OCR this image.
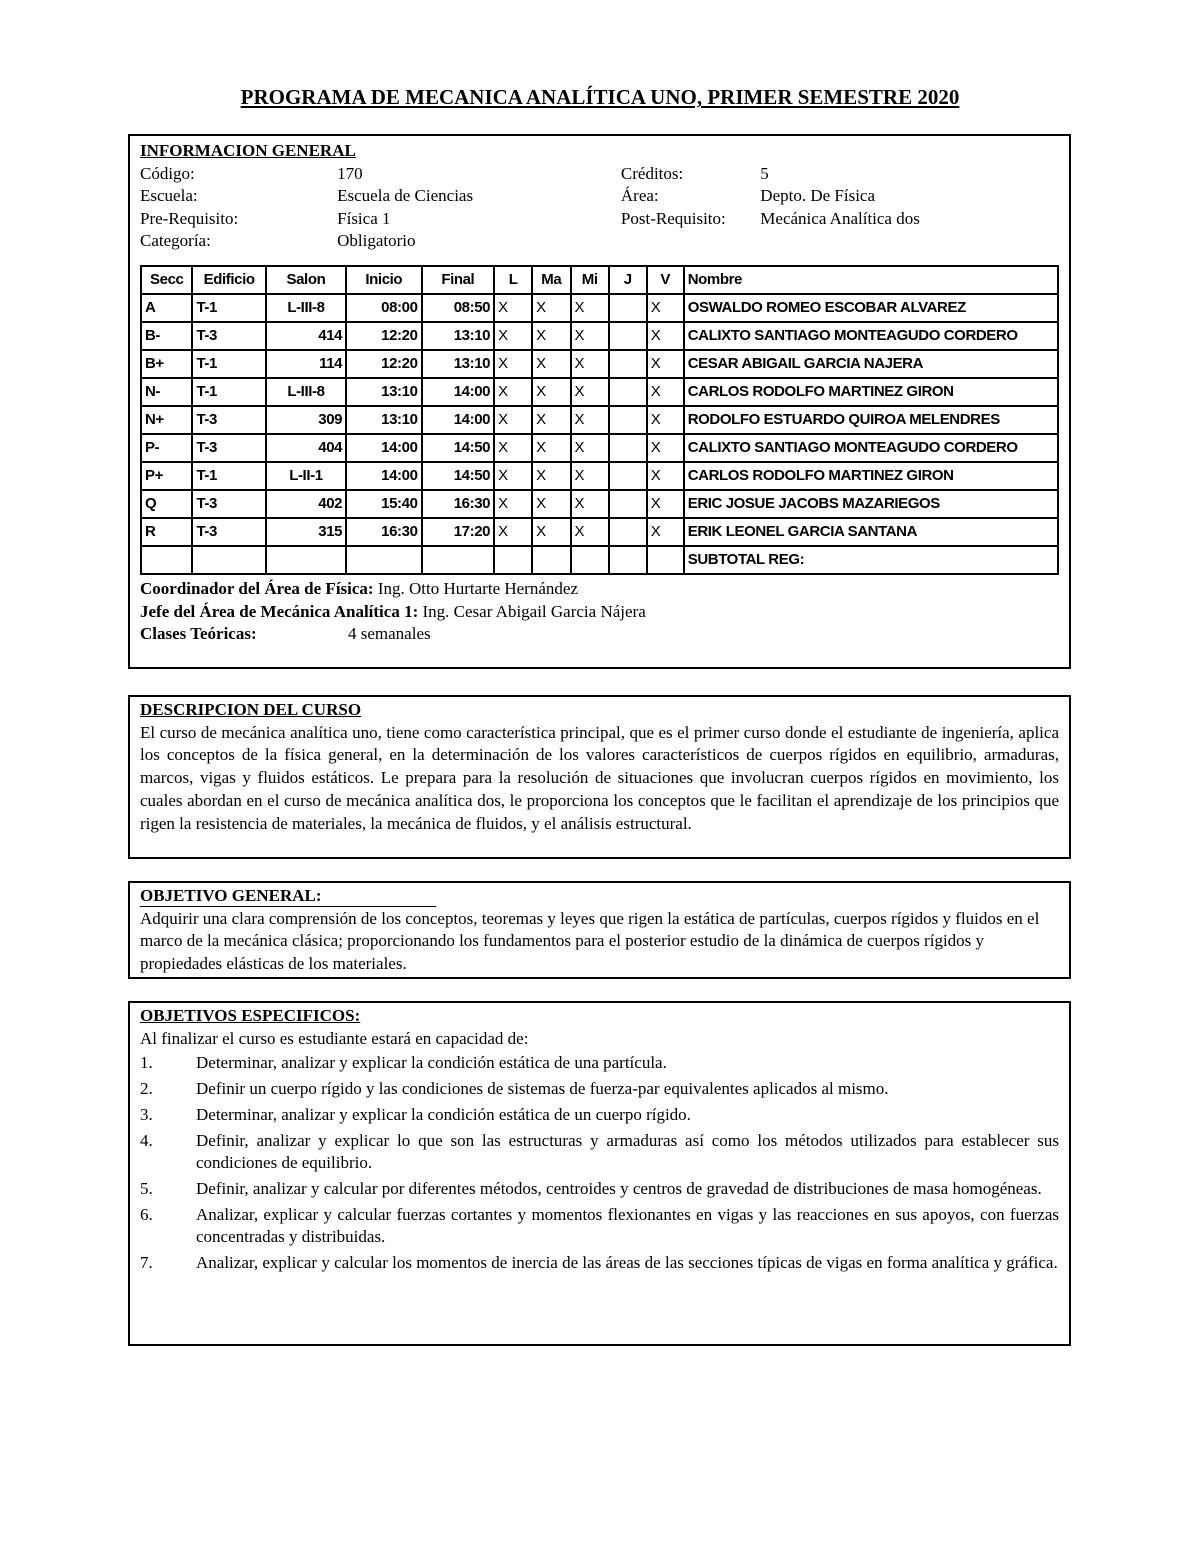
PROGRAMA DE MECANICA ANALÍTICA UNO, PRIMER SEMESTRE 2020
INFORMACION GENERAL
Código:	170	Créditos:	5
Escuela:	Escuela de Ciencias	Área:	Depto. De Física
Pre-Requisito:	Física 1	Post-Requisito:	Mecánica Analítica dos
Categoría:	Obligatorio
Secc	Edificio	Salon	Inicio	Final	L	Ma	Mi	J	V	Nombre
A	T-1	L-III-8	08:00	08:50	X	X	X		X	OSWALDO ROMEO ESCOBAR ALVAREZ
B-	T-3	414	12:20	13:10	X	X	X		X	CALIXTO SANTIAGO MONTEAGUDO CORDERO
B+	T-1	114	12:20	13:10	X	X	X		X	CESAR ABIGAIL GARCIA NAJERA
N-	T-1	L-III-8	13:10	14:00	X	X	X		X	CARLOS RODOLFO MARTINEZ GIRON
N+	T-3	309	13:10	14:00	X	X	X		X	RODOLFO ESTUARDO QUIROA MELENDRES
P-	T-3	404	14:00	14:50	X	X	X		X	CALIXTO SANTIAGO MONTEAGUDO CORDERO
P+	T-1	L-II-1	14:00	14:50	X	X	X		X	CARLOS RODOLFO MARTINEZ GIRON
Q	T-3	402	15:40	16:30	X	X	X		X	ERIC JOSUE JACOBS MAZARIEGOS
R	T-3	315	16:30	17:20	X	X	X		X	ERIK LEONEL GARCIA SANTANA
										SUBTOTAL REG:
Coordinador del Área de Física: Ing. Otto Hurtarte Hernández
Jefe del Área de Mecánica Analítica 1: Ing. Cesar Abigail Garcia Nájera
Clases Teóricas:	4 semanales
DESCRIPCION DEL CURSO
El curso de mecánica analítica uno, tiene como característica principal, que es el primer curso donde el estudiante de ingeniería, aplica los conceptos de la física general, en la determinación de los valores característicos de cuerpos rígidos en equilibrio, armaduras, marcos, vigas y fluidos estáticos. Le prepara para la resolución de situaciones que involucran cuerpos rígidos en movimiento, los cuales abordan en el curso de mecánica analítica dos, le proporciona los conceptos que le facilitan el aprendizaje de los principios que rigen la resistencia de materiales, la mecánica de fluidos, y el análisis estructural.
OBJETIVO GENERAL:
Adquirir una clara comprensión de los conceptos, teoremas y leyes que rigen la estática de partículas, cuerpos rígidos y fluidos en el marco de la mecánica clásica; proporcionando los fundamentos para el posterior estudio de la dinámica de cuerpos rígidos y propiedades elásticas de los materiales.
OBJETIVOS ESPECIFICOS:
Al finalizar el curso es estudiante estará en capacidad de:
1.	Determinar, analizar y explicar la condición estática de una partícula.
2.	Definir un cuerpo rígido y las condiciones de sistemas de fuerza-par equivalentes aplicados al mismo.
3.	Determinar, analizar y explicar la condición estática de un cuerpo rígido.
4.	Definir, analizar y explicar lo que son las estructuras y armaduras así como los métodos utilizados para establecer sus condiciones de equilibrio.
5.	Definir, analizar y calcular por diferentes métodos, centroides y centros de gravedad de distribuciones de masa homogéneas.
6.	Analizar, explicar y calcular fuerzas cortantes y momentos flexionantes en vigas y las reacciones en sus apoyos, con fuerzas concentradas y distribuidas.
7.	Analizar, explicar y calcular los momentos de inercia de las áreas de las secciones típicas de vigas en forma analítica y gráfica.
